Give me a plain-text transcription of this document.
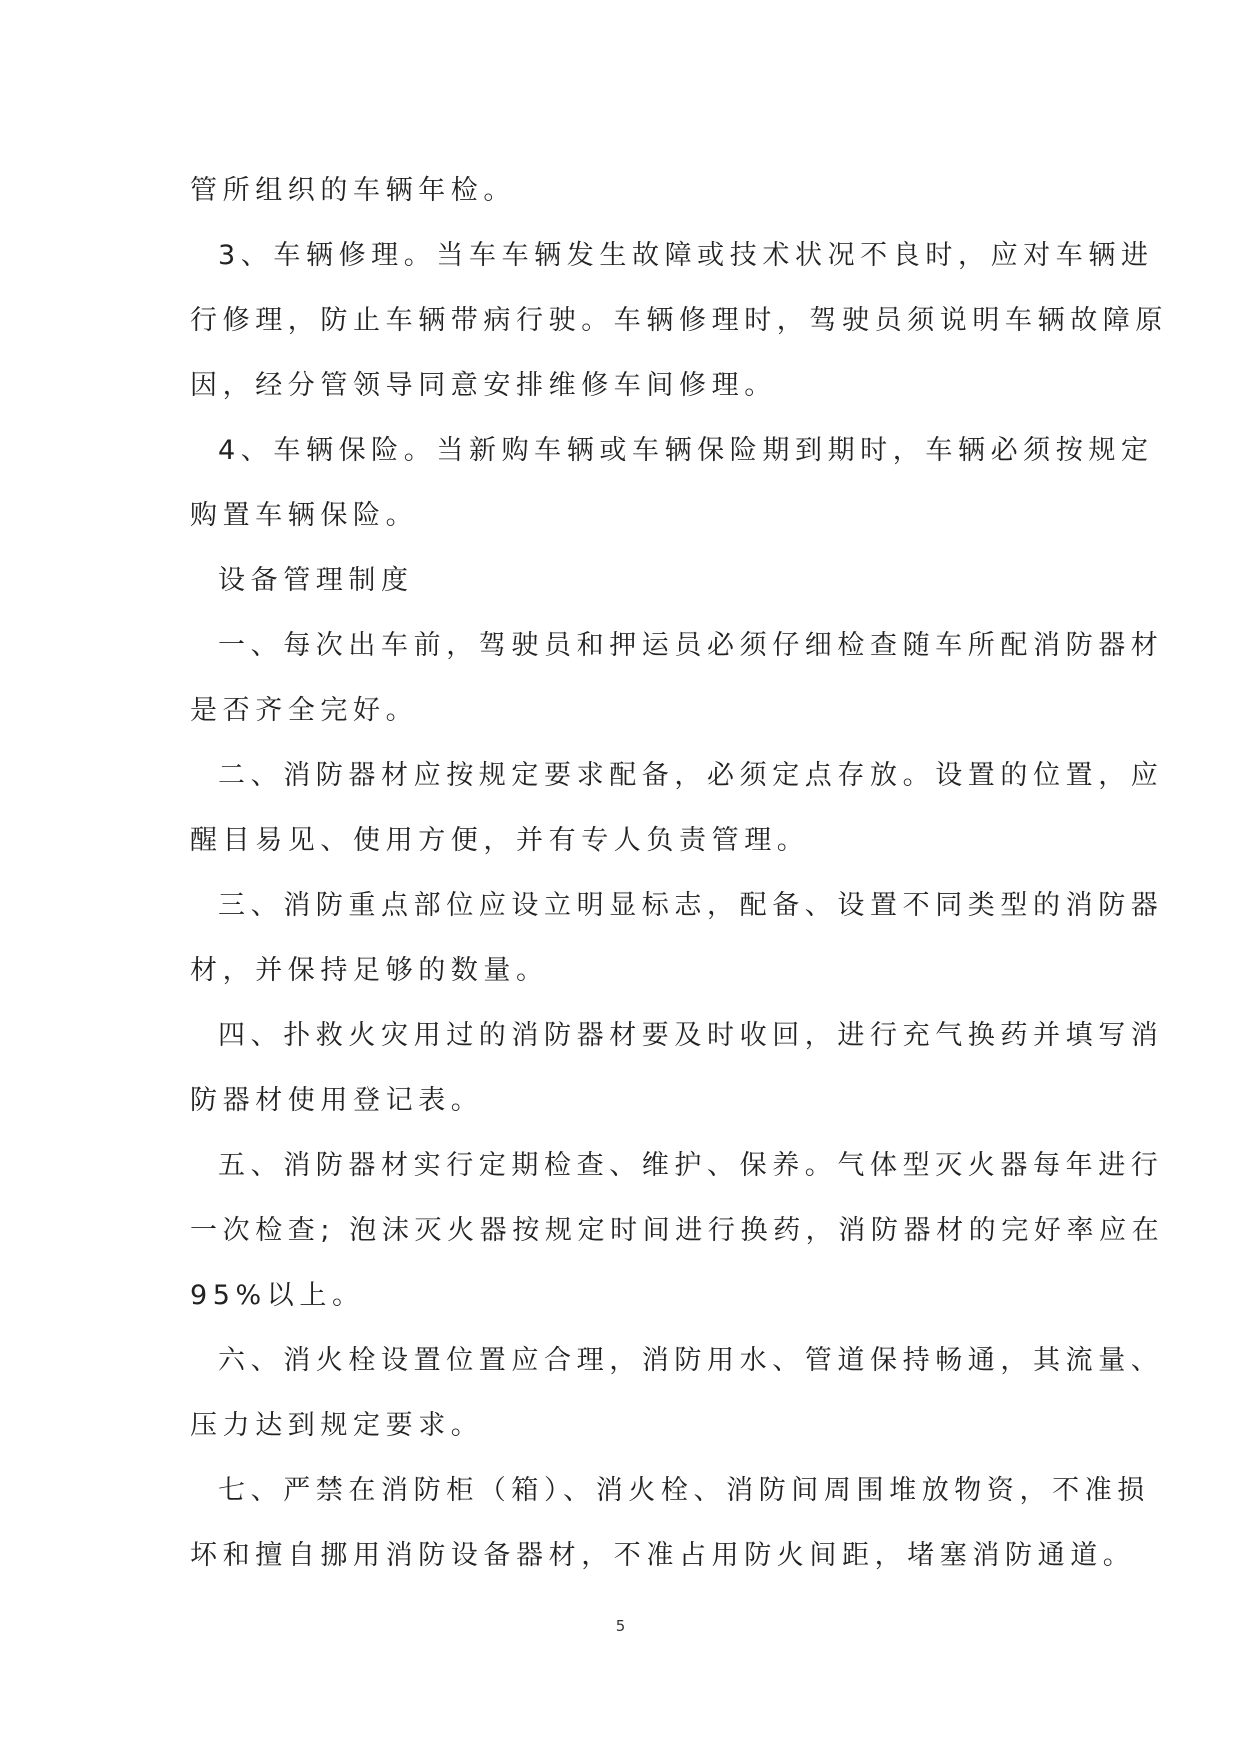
管所组织的车辆年检。
3、车辆修理。当车车辆发生故障或技术状况不良时，应对车辆进
行修理，防止车辆带病行驶。车辆修理时，驾驶员须说明车辆故障原
因，经分管领导同意安排维修车间修理。
4、车辆保险。当新购车辆或车辆保险期到期时，车辆必须按规定
购置车辆保险。
设备管理制度
一、每次出车前，驾驶员和押运员必须仔细检查随车所配消防器材
是否齐全完好。
二、消防器材应按规定要求配备，必须定点存放。设置的位置，应
醒目易见、使用方便，并有专人负责管理。
三、消防重点部位应设立明显标志，配备、设置不同类型的消防器
材，并保持足够的数量。
四、扑救火灾用过的消防器材要及时收回，进行充气换药并填写消
防器材使用登记表。
五、消防器材实行定期检查、维护、保养。气体型灭火器每年进行
一次检查; 泡沫灭火器按规定时间进行换药，消防器材的完好率应在
95%以上。
六、消火栓设置位置应合理，消防用水、管道保持畅通，其流量、
压力达到规定要求。
七、严禁在消防柜（箱）、消火栓、消防间周围堆放物资，不准损
坏和擅自挪用消防设备器材，不准占用防火间距，堵塞消防通道。
5
